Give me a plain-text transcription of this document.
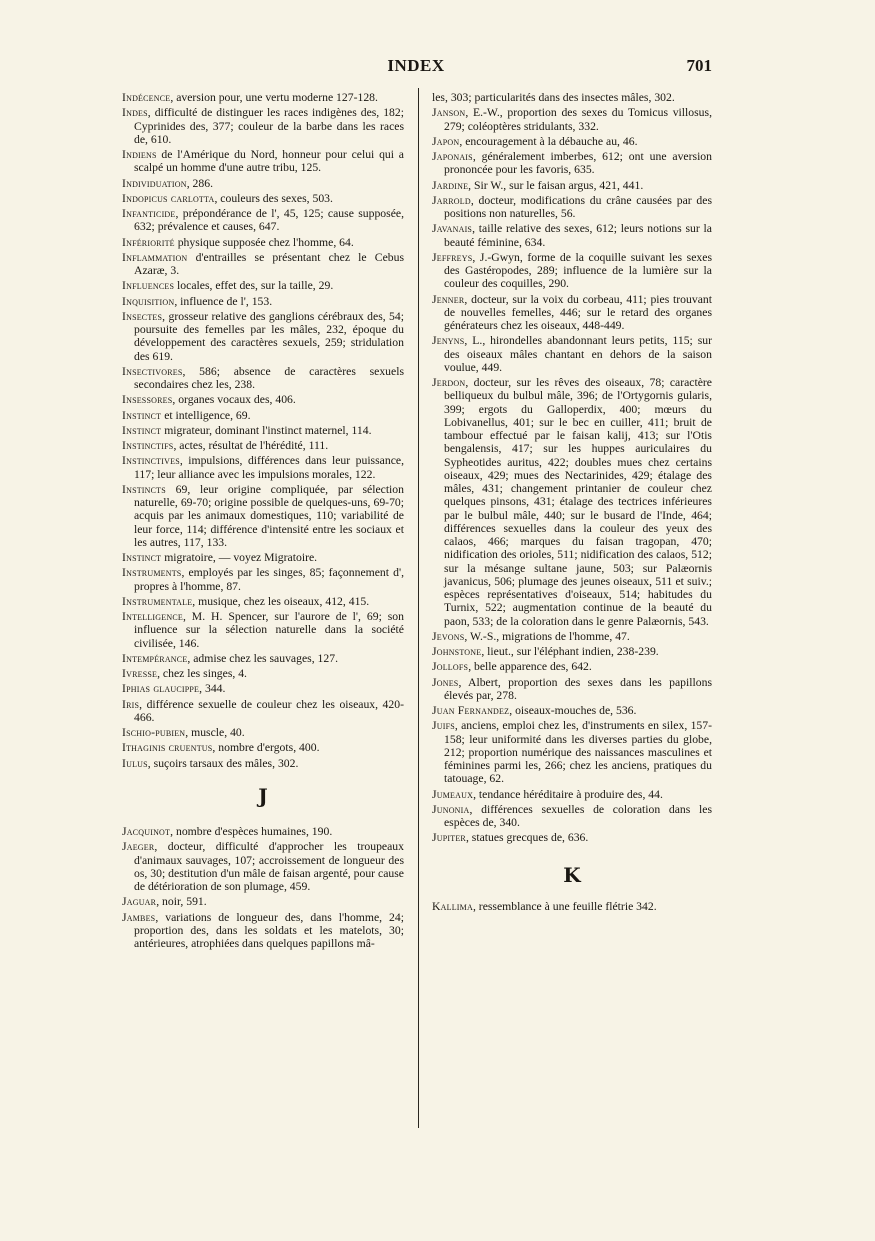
INDEX	701
Indécence, aversion pour, une vertu moderne 127-128.
Indes, difficulté de distinguer les races indigènes des, 182; Cyprinides des, 377; couleur de la barbe dans les races de, 610.
Indiens de l'Amérique du Nord, honneur pour celui qui a scalpé un homme d'une autre tribu, 125.
Individuation, 286.
Indopicus carlotta, couleurs des sexes, 503.
Infanticide, prépondérance de l', 45, 125; cause supposée, 632; prévalence et causes, 647.
Infériorité physique supposée chez l'homme, 64.
Inflammation d'entrailles se présentant chez le Cebus Azaræ, 3.
Influences locales, effet des, sur la taille, 29.
Inquisition, influence de l', 153.
Insectes, grosseur relative des ganglions cérébraux des, 54; poursuite des femelles par les mâles, 232, époque du développement des caractères sexuels, 259; stridulation des 619.
Insectivores, 586; absence de caractères sexuels secondaires chez les, 238.
Insessores, organes vocaux des, 406.
Instinct et intelligence, 69.
Instinct migrateur, dominant l'instinct maternel, 114.
Instinctifs, actes, résultat de l'hérédité, 111.
Instinctives, impulsions, différences dans leur puissance, 117; leur alliance avec les impulsions morales, 122.
Instincts 69, leur origine compliquée, par sélection naturelle, 69-70; origine possible de quelques-uns, 69-70; acquis par les animaux domestiques, 110; variabilité de leur force, 114; différence d'intensité entre les sociaux et les autres, 117, 133.
Instinct migratoire, — voyez Migratoire.
Instruments, employés par les singes, 85; façonnement d', propres à l'homme, 87.
Instrumentale, musique, chez les oiseaux, 412, 415.
Intelligence, M. H. Spencer, sur l'aurore de l', 69; son influence sur la sélection naturelle dans la société civilisée, 146.
Intempérance, admise chez les sauvages, 127.
Ivresse, chez les singes, 4.
Iphias glaucippe, 344.
Iris, différence sexuelle de couleur chez les oiseaux, 420-466.
Ischio-pubien, muscle, 40.
Ithaginis cruentus, nombre d'ergots, 400.
Iulus, suçoirs tarsaux des mâles, 302.
J
Jacquinot, nombre d'espèces humaines, 190.
Jaeger, docteur, difficulté d'approcher les troupeaux d'animaux sauvages, 107; accroissement de longueur des os, 30; destitution d'un mâle de faisan argenté, pour cause de détérioration de son plumage, 459.
Jaguar, noir, 591.
Jambes, variations de longueur des, dans l'homme, 24; proportion des, dans les soldats et les matelots, 30; antérieures, atrophiées dans quelques papillons mâ-
les, 303; particularités dans des insectes mâles, 302.
Janson, E.-W., proportion des sexes du Tomicus villosus, 279; coléoptères stridulants, 332.
Japon, encouragement à la débauche au, 46.
Japonais, généralement imberbes, 612; ont une aversion prononcée pour les favoris, 635.
Jardine, Sir W., sur le faisan argus, 421, 441.
Jarrold, docteur, modifications du crâne causées par des positions non naturelles, 56.
Javanais, taille relative des sexes, 612; leurs notions sur la beauté féminine, 634.
Jeffreys, J.-Gwyn, forme de la coquille suivant les sexes des Gastéropodes, 289; influence de la lumière sur la couleur des coquilles, 290.
Jenner, docteur, sur la voix du corbeau, 411; pies trouvant de nouvelles femelles, 446; sur le retard des organes générateurs chez les oiseaux, 448-449.
Jenyns, L., hirondelles abandonnant leurs petits, 115; sur des oiseaux mâles chantant en dehors de la saison voulue, 449.
Jerdon, docteur, sur les rêves des oiseaux, 78; caractère belliqueux du bulbul mâle, 396; de l'Ortygornis gularis, 399; ergots du Galloperdix, 400; mœurs du Lobivanellus, 401; sur le bec en cuiller, 411; bruit de tambour effectué par le faisan kalij, 413; sur l'Otis bengalensis, 417; sur les huppes auriculaires du Sypheotides auritus, 422; doubles mues chez certains oiseaux, 429; mues des Nectarinides, 429; étalage des mâles, 431; changement printanier de couleur chez quelques pinsons, 431; étalage des tectrices inférieures par le bulbul mâle, 440; sur le busard de l'Inde, 464; différences sexuelles dans la couleur des yeux des calaos, 466; marques du faisan tragopan, 470; nidification des orioles, 511; nidification des calaos, 512; sur la mésange sultane jaune, 503; sur Palæornis javanicus, 506; plumage des jeunes oiseaux, 511 et suiv.; espèces représentatives d'oiseaux, 514; habitudes du Turnix, 522; augmentation continue de la beauté du paon, 533; de la coloration dans le genre Palæornis, 543.
Jevons, W.-S., migrations de l'homme, 47.
Johnstone, lieut., sur l'éléphant indien, 238-239.
Jollofs, belle apparence des, 642.
Jones, Albert, proportion des sexes dans les papillons élevés par, 278.
Juan Fernandez, oiseaux-mouches de, 536.
Juifs, anciens, emploi chez les, d'instruments en silex, 157-158; leur uniformité dans les diverses parties du globe, 212; proportion numérique des naissances masculines et féminines parmi les, 266; chez les anciens, pratiques du tatouage, 62.
Jumeaux, tendance héréditaire à produire des, 44.
Junonia, différences sexuelles de coloration dans les espèces de, 340.
Jupiter, statues grecques de, 636.
K
Kallima, ressemblance à une feuille flétrie 342.
